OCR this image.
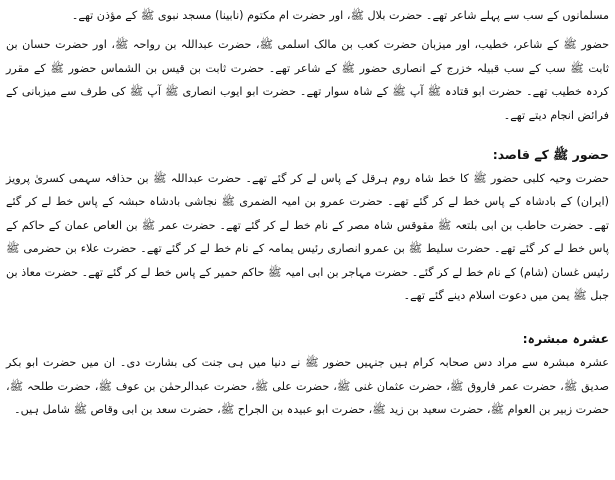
مسلمانوں کے سب سے پہلے شاعر تھے۔ حضرت بلال ﷺ، اور حضرت ام مکتوم (نابینا) مسجد نبوی ﷺ کے مؤذن تھے۔

حضور ﷺ کے شاعر، خطیب، اور میزبان حضرت کعب بن مالک اسلمی ﷺ، حضرت عبداللہ بن رواحہ ﷺ، اور حضرت حسان بن ثابت ﷺ سب کے سب قبیلہ خزرج کے انصاری حضور ﷺ کے شاعر تھے۔ حضرت ثابت بن قیس بن الشماس حضور ﷺ کے مقرر کردہ خطیب تھے۔ حضرت ابو قتادہ ﷺ آپ ﷺ کے شاہ سوار تھے۔ حضرت ابو ایوب انصاری ﷺ آپ ﷺ کی طرف سے میزبانی کے فرائض انجام دیتے تھے۔

حضور ﷺ کے قاصد:

حضرت وحیہ کلبی حضور ﷺ کا خط شاہ روم ہرقل کے پاس لے کر گئے تھے۔ حضرت عبداللہ ﷺ بن حذافہ سہمی کسریٰ پرویز (ایران) کے بادشاہ کے پاس خط لے کر گئے تھے۔ حضرت عمرو بن امیہ الضمری ﷺ نجاشی بادشاہ حبشہ کے پاس خط لے کر گئے تھے۔ حضرت حاطب بن ابی بلتعہ ﷺ مقوقس شاہ مصر کے نام خط لے کر گئے تھے۔ حضرت عمر ﷺ بن العاص عمان کے حاکم کے پاس خط لے کر گئے تھے۔ حضرت سلیط ﷺ بن عمرو انصاری رئیس یمامہ کے نام خط لے کر گئے تھے۔ حضرت علاء بن حضرمی ﷺ رئیس غسان (شام) کے نام خط لے کر گئے۔ حضرت مہاجر بن ابی امیہ ﷺ حاکم حمیر کے پاس خط لے کر گئے تھے۔ حضرت معاذ بن جبل ﷺ یمن میں دعوت اسلام دینے گئے تھے۔

عشرہ مبشرہ:

عشرہ مبشرہ سے مراد دس صحابہ کرام ہیں جنہیں حضور ﷺ نے دنیا میں ہی جنت کی بشارت دی۔ ان میں حضرت ابو بکر صدیق ﷺ، حضرت عمر فاروق ﷺ، حضرت عثمان غنی ﷺ، حضرت علی ﷺ، حضرت عبدالرحمٰن بن عوف ﷺ، حضرت طلحہ ﷺ، حضرت زبیر بن العوام ﷺ، حضرت سعید بن زید ﷺ، حضرت ابو عبیدہ بن الجراح ﷺ، حضرت سعد بن ابی وقاص ﷺ شامل ہیں۔
